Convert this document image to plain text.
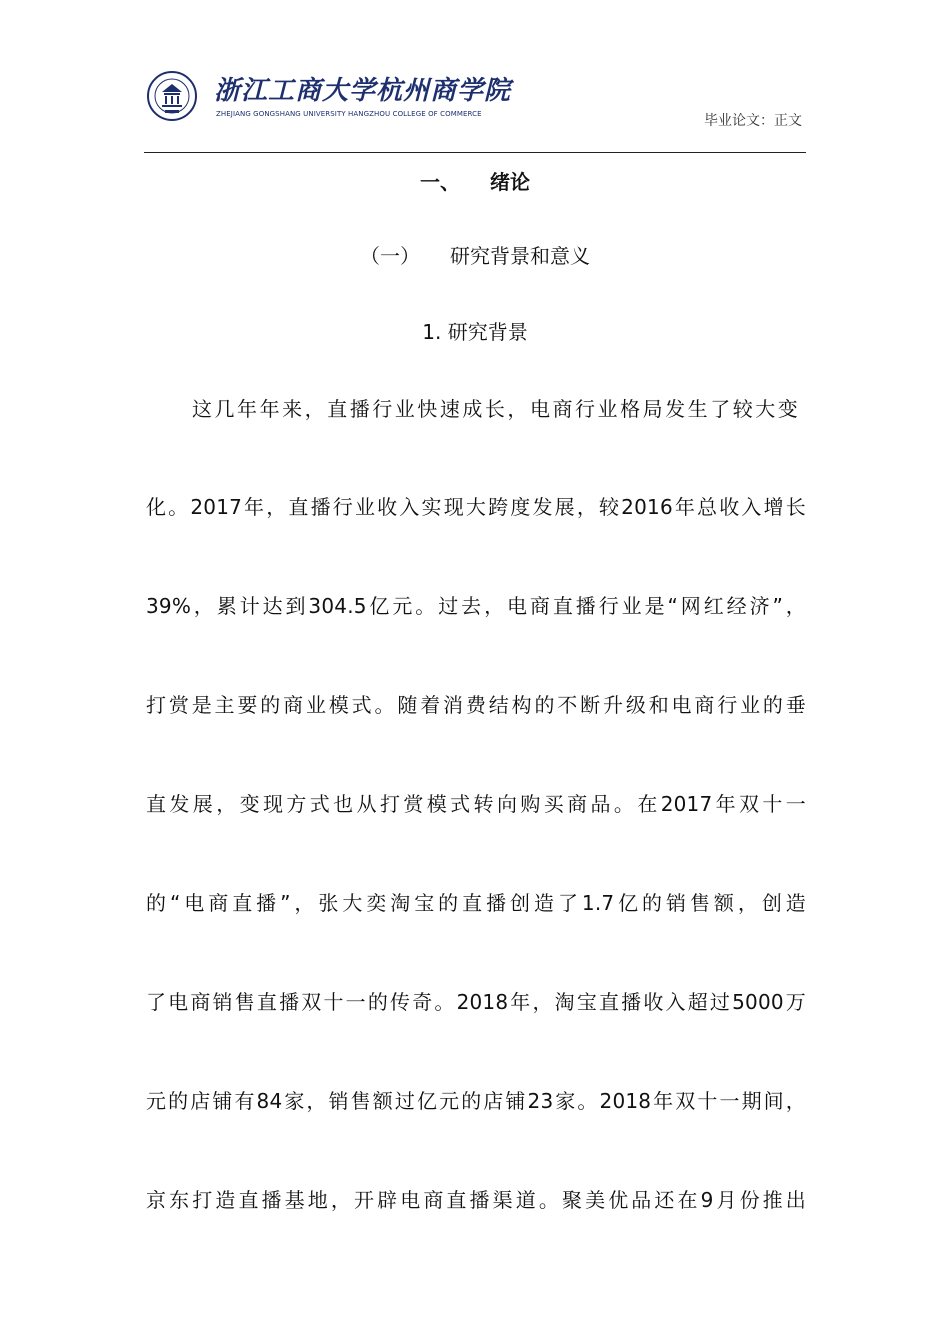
浙江工商大学杭州商学院
ZHEJIANG GONGSHANG UNIVERSITY HANGZHOU COLLEGE OF COMMERCE	毕业论文：正文
一、 绪论
（一） 研究背景和意义
1. 研究背景
这几年年来，直播行业快速成长，电商行业格局发生了较大变
化。2017年，直播行业收入实现大跨度发展，较2016年总收入增长
39%，累计达到304.5亿元。过去，电商直播行业是“网红经济”，
打赏是主要的商业模式。随着消费结构的不断升级和电商行业的垂
直发展，变现方式也从打赏模式转向购买商品。在2017年双十一
的“电商直播”，张大奕淘宝的直播创造了1.7亿的销售额，创造
了电商销售直播双十一的传奇。2018年，淘宝直播收入超过5000万
元的店铺有84家，销售额过亿元的店铺23家。2018年双十一期间，
京东打造直播基地，开辟电商直播渠道。聚美优品还在9月份推出
